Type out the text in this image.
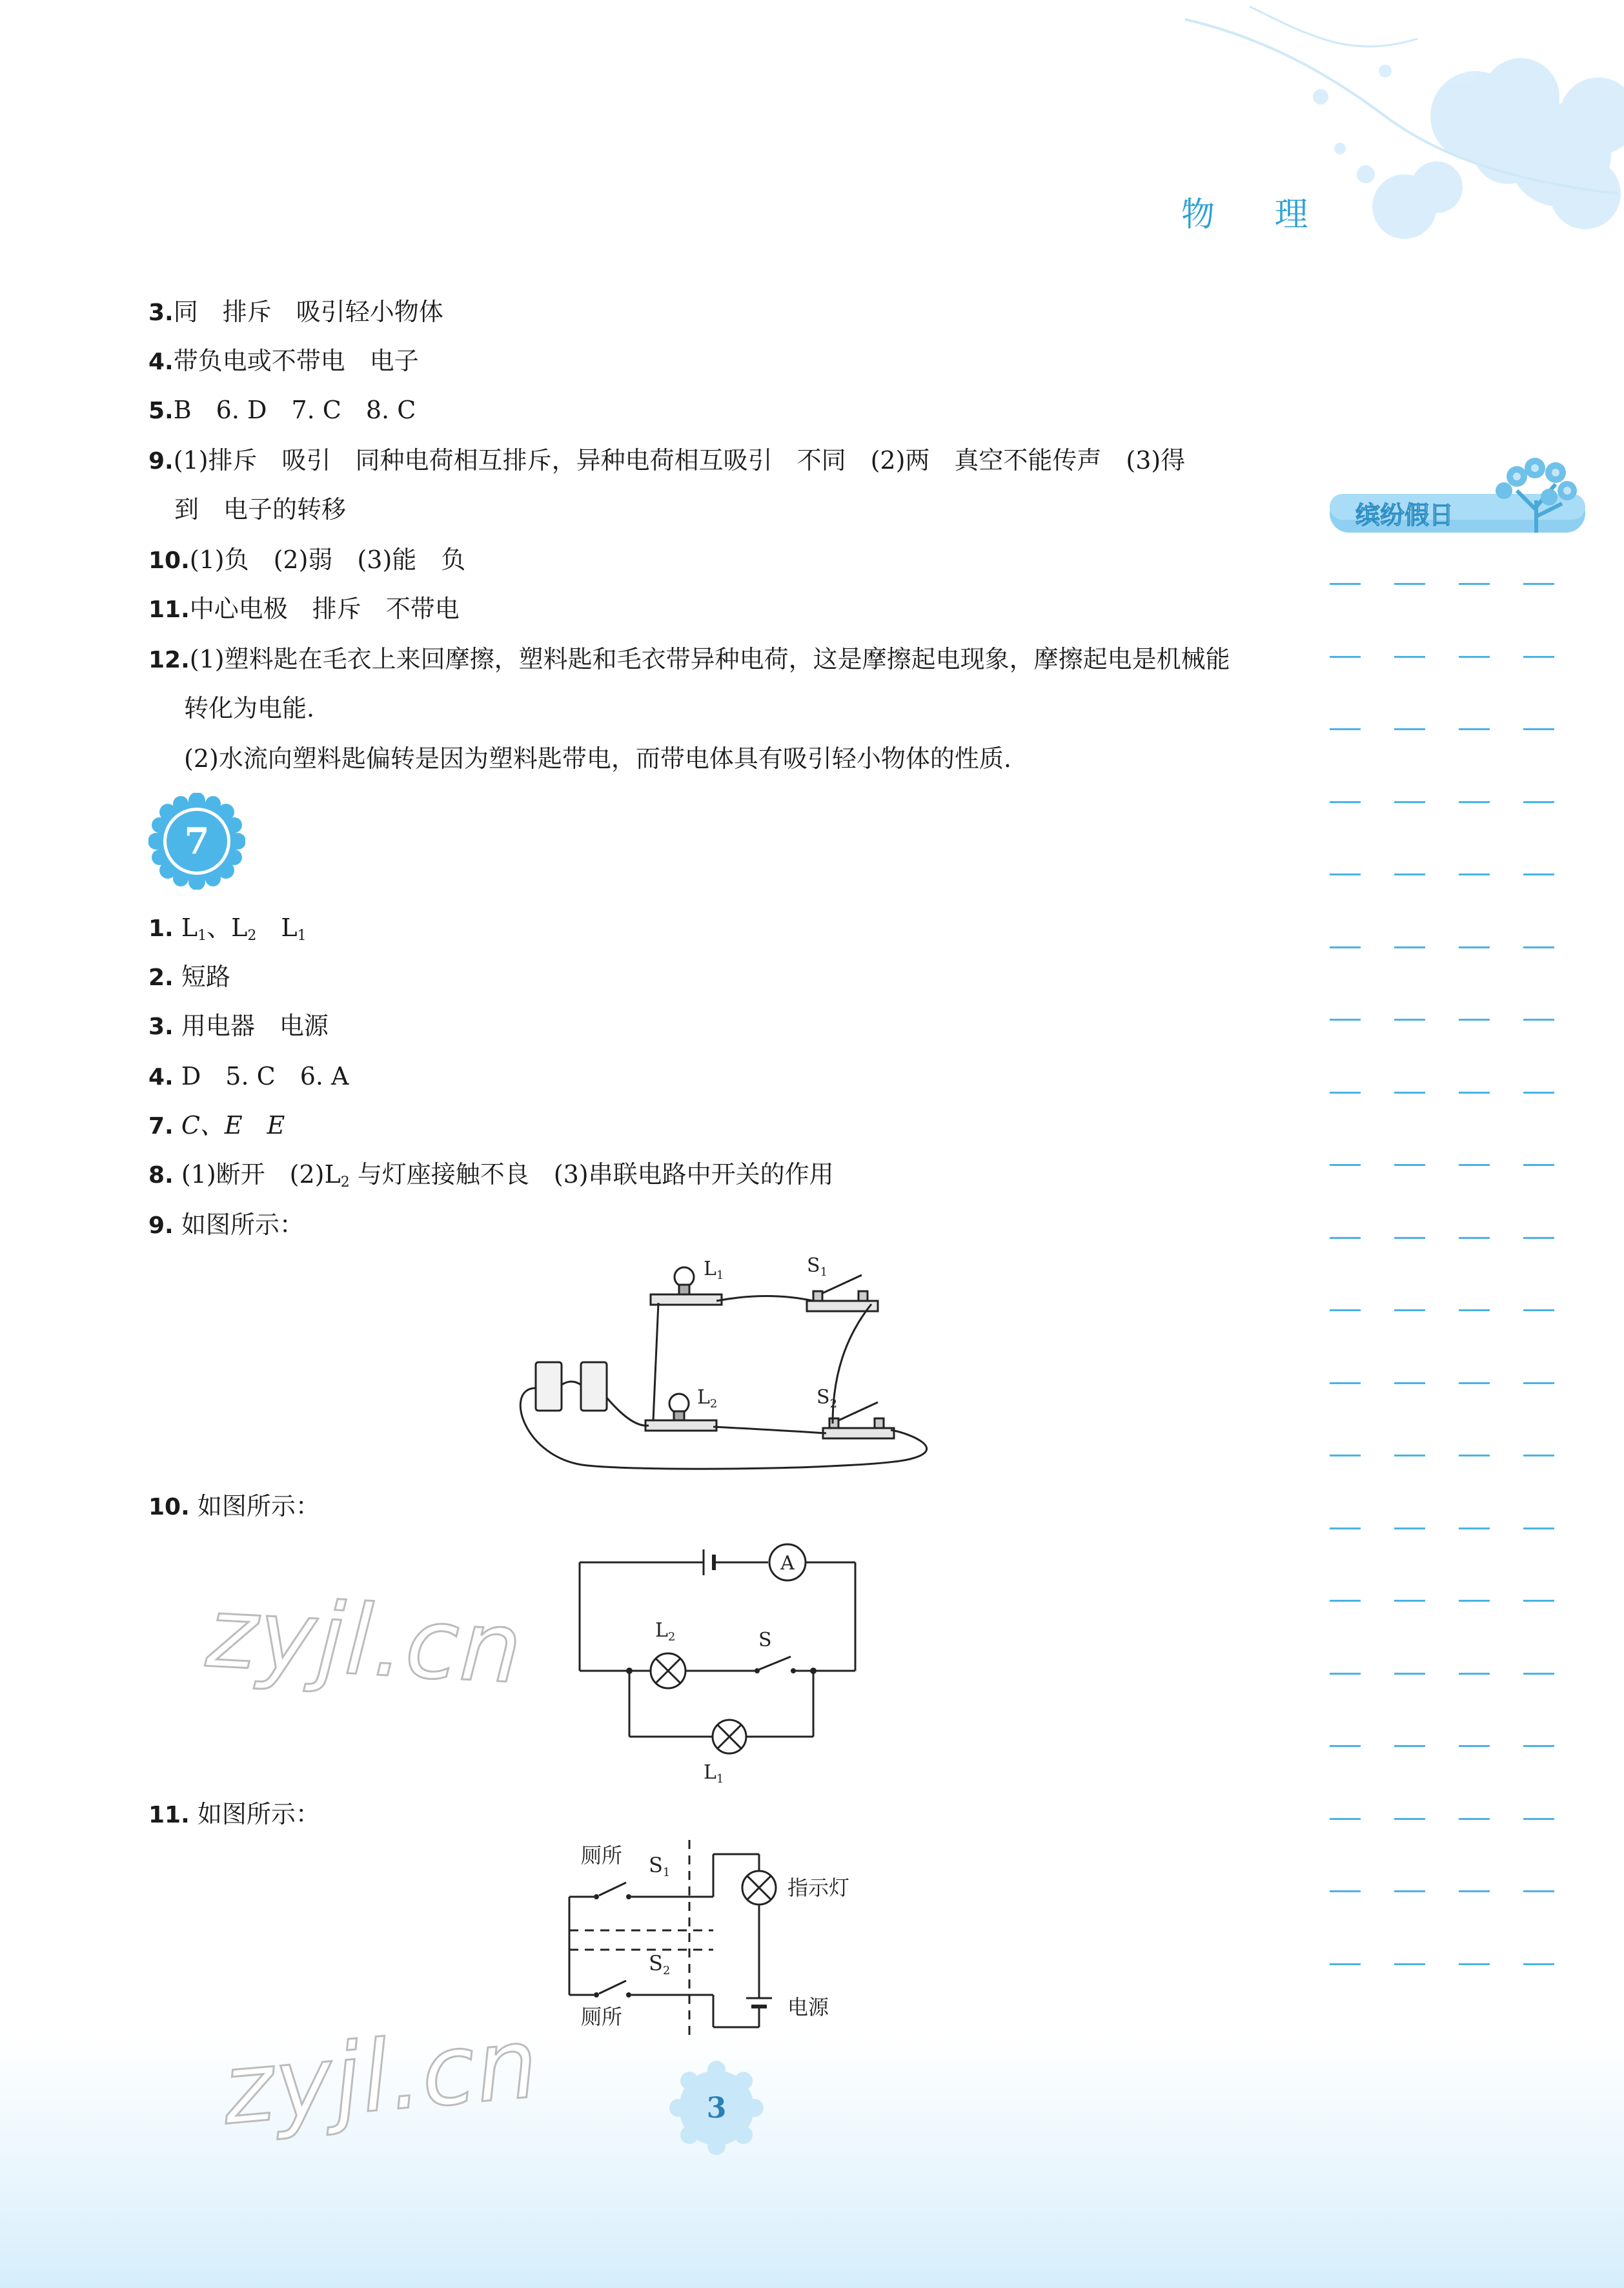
物 理
3.同　排斥　吸引轻小物体
4.带负电或不带电　电子
5.B　6. D　7. C　8. C
9.(1)排斥　吸引　同种电荷相互排斥，异种电荷相互吸引　不同　(2)两　真空不能传声　(3)得
到　电子的转移
10.(1)负　(2)弱　(3)能　负
11.中心电极　排斥　不带电
12.(1)塑料匙在毛衣上来回摩擦，塑料匙和毛衣带异种电荷，这是摩擦起电现象，摩擦起电是机械能
转化为电能.
(2)水流向塑料匙偏转是因为塑料匙带电，而带电体具有吸引轻小物体的性质.
7
1. $L_1$、$L_2$　$L_1$
2. 短路
3. 用电器　电源
4. D　5. C　6. A
7. C、E　E
8. (1)断开　$(2)L_2$ 与灯座接触不良　(3)串联电路中开关的作用
9. 如图所示：
$L_1$
$L_2$
$S_1$
$S_2$
10. 如图所示：
A
$L_2$	S
$L_1$
11. 如图所示：
厕所
厕所
S1
S2
指示灯
电源
zyjl.cn
zyjl.cn
缤纷假日
3
